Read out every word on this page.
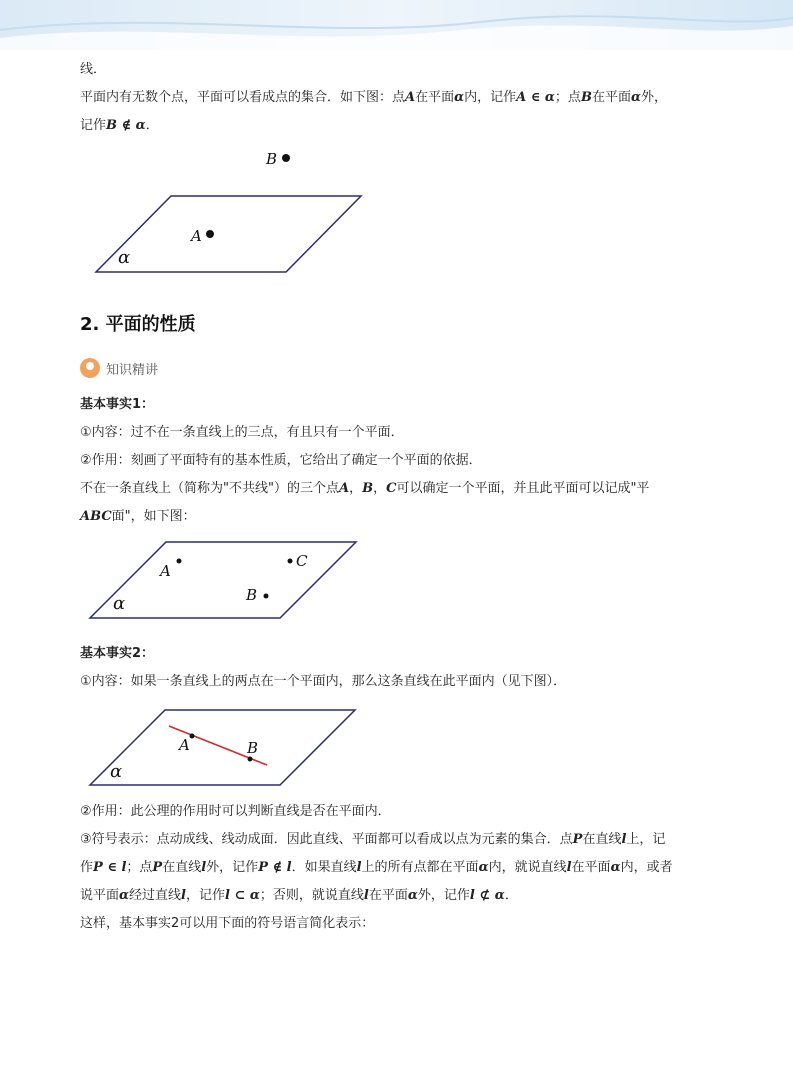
线．
平面内有无数个点，平面可以看成点的集合．如下图：点A在平面α内，记作A ∈ α；点B在平面α外，
记作B ∉ α．
B
A
α
2. 平面的性质
知识精讲
基本事实1：
①内容：过不在一条直线上的三点，有且只有一个平面．
②作用：刻画了平面特有的基本性质，它给出了确定一个平面的依据．
不在一条直线上（简称为"不共线"）的三个点A，B，C可以确定一个平面，并且此平面可以记成"平
ABC面"，如下图：
A
C
B
α
基本事实2：
①内容：如果一条直线上的两点在一个平面内，那么这条直线在此平面内（见下图）．
A	B
α
②作用：此公理的作用时可以判断直线是否在平面内．
③符号表示：点动成线、线动成面．因此直线、平面都可以看成以点为元素的集合．点P在直线l上，记
作P ∈ l；点P在直线l外，记作P ∉ l．如果直线l上的所有点都在平面α内，就说直线l在平面α内，或者
说平面α经过直线l，记作l ⊂ α；否则，就说直线l在平面α外，记作l ⊄ α．
这样，基本事实2可以用下面的符号语言简化表示：
